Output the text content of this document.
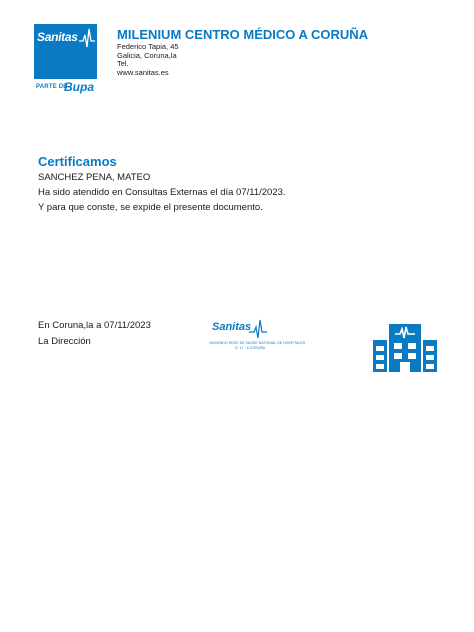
Sanitas
PARTE DE
Bupa
MILENIUM CENTRO MÉDICO A CORUÑA
Federico Tapia, 45
Galicia, Coruna,la
Tel.
www.sanitas.es
Certificamos
SANCHEZ PENA, MATEO
Ha sido atendido en Consultas Externas el día 07/11/2023.
Y para que conste, se expide el presente documento.
En Coruna,la a 07/11/2023
La Dirección
Sanitas
HACIENDO REDE DE SAÚDE NATIONAL DE HOSPITALES
C/ 17 · A CORUÑA
